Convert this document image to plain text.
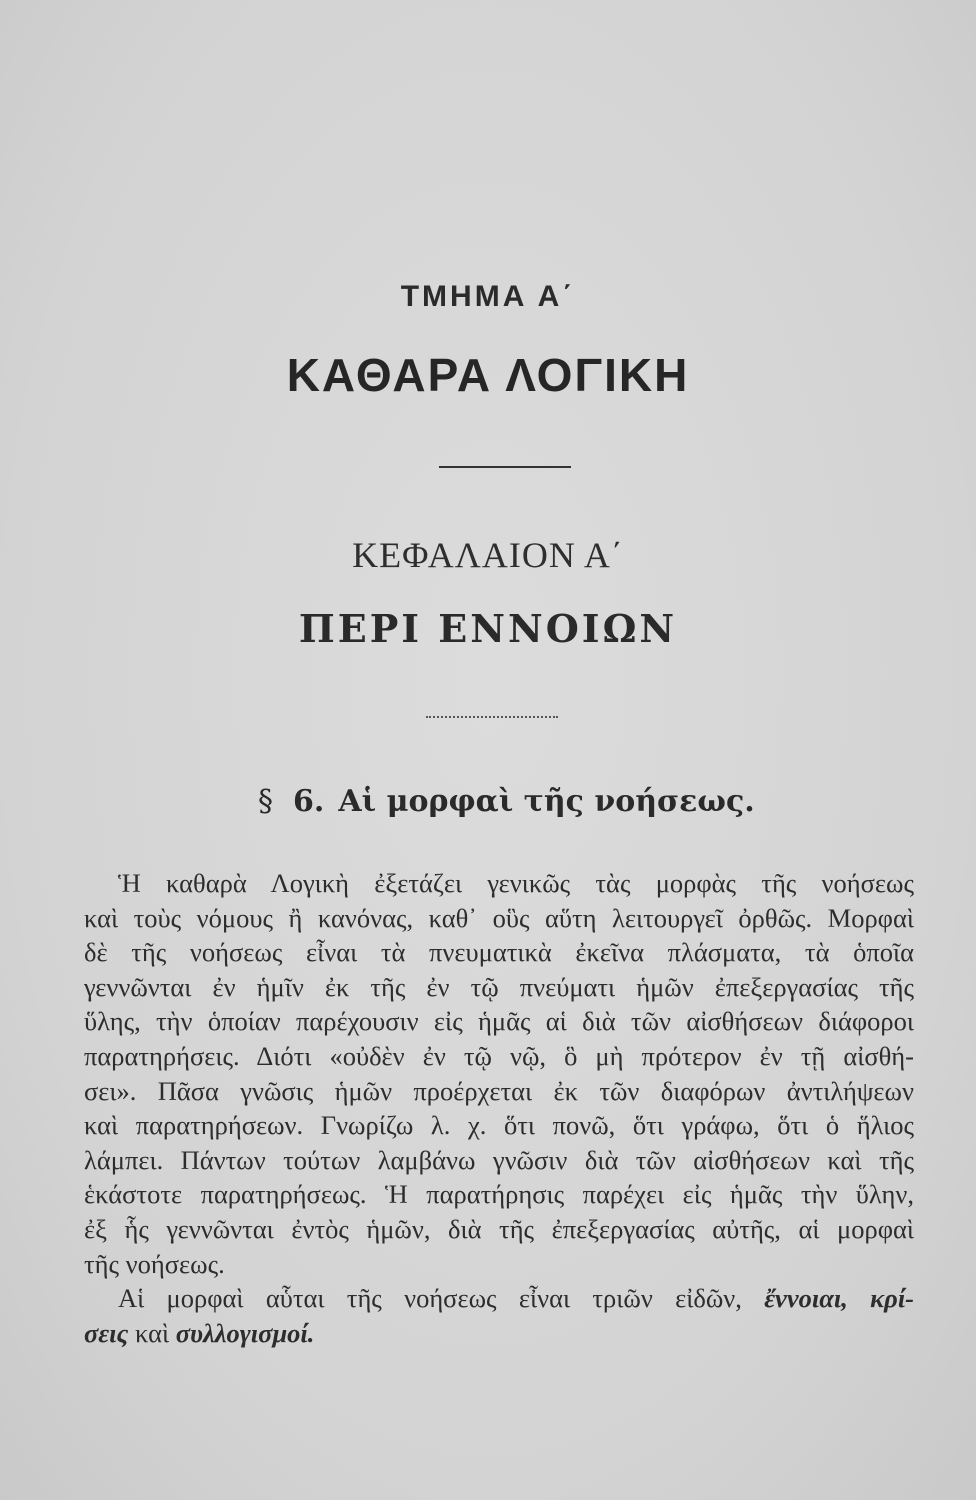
ΤΜΗΜΑ Α΄
ΚΑΘΑΡΑ ΛΟΓΙΚΗ
ΚΕΦΑΛΑΙΟΝ Α΄
ΠΕΡΙ ΕΝΝΟΙΩΝ
§ 6. Αἱ μορφαὶ τῆς νοήσεως.
Ἡ καθαρὰ Λογικὴ ἐξετάζει γενικῶς τὰς μορφὰς τῆς νοήσεως
καὶ τοὺς νόμους ἢ κανόνας, καθ᾽ οὓς αὕτη λειτουργεῖ ὀρθῶς. Μορφαὶ
δὲ τῆς νοήσεως εἶναι τὰ πνευματικὰ ἐκεῖνα πλάσματα, τὰ ὁποῖα
γεννῶνται ἐν ἡμῖν ἐκ τῆς ἐν τῷ πνεύματι ἡμῶν ἐπεξεργασίας τῆς
ὕλης, τὴν ὁποίαν παρέχουσιν εἰς ἡμᾶς αἱ διὰ τῶν αἰσθήσεων διάφοροι
παρατηρήσεις. Διότι «οὐδὲν ἐν τῷ νῷ, ὃ μὴ πρότερον ἐν τῇ αἰσθή-
σει». Πᾶσα γνῶσις ἡμῶν προέρχεται ἐκ τῶν διαφόρων ἀντιλήψεων
καὶ παρατηρήσεων. Γνωρίζω λ. χ. ὅτι πονῶ, ὅτι γράφω, ὅτι ὁ ἥλιος
λάμπει. Πάντων τούτων λαμβάνω γνῶσιν διὰ τῶν αἰσθήσεων καὶ τῆς
ἑκάστοτε παρατηρήσεως. Ἡ παρατήρησις παρέχει εἰς ἡμᾶς τὴν ὕλην,
ἐξ ἧς γεννῶνται ἐντὸς ἡμῶν, διὰ τῆς ἐπεξεργασίας αὐτῆς, αἱ μορφαὶ
τῆς νοήσεως.
Αἱ μορφαὶ αὗται τῆς νοήσεως εἶναι τριῶν εἰδῶν, ἔννοιαι, κρί-
σεις καὶ συλλογισμοί.
